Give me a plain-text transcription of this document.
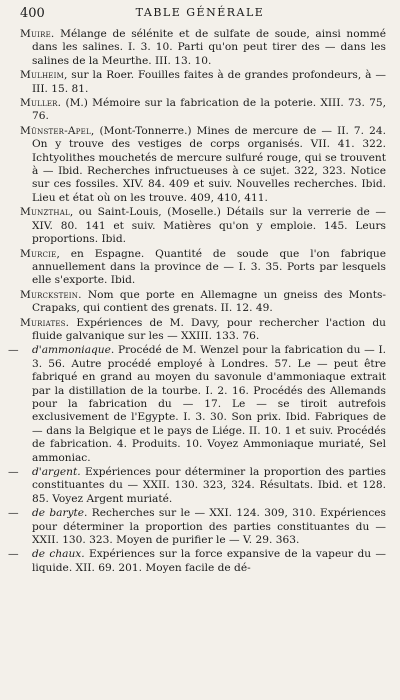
400	TABLE GÉNÉRALE

Muire. Mélange de sélénite et de sulfate de soude, ainsi nommé dans les salines. I. 3. 10. Parti qu'on peut tirer des — dans les salines de la Meurthe. III. 13. 10.

Mulheim, sur la Roer. Fouilles faites à de grandes profondeurs, à — III. 15. 81.

Muller. (M.) Mémoire sur la fabrication de la poterie. XIII. 73. 75, 76.

Münster-Apel, (Mont-Tonnerre.) Mines de mercure de — II. 7. 24. On y trouve des vestiges de corps organisés. VII. 41. 322. Ichtyolithes mouchetés de mercure sulfuré rouge, qui se trouvent à — Ibid. Recherches infructueuses à ce sujet. 322, 323. Notice sur ces fossiles. XIV. 84. 409 et suiv. Nouvelles recherches. Ibid. Lieu et état où on les trouve. 409, 410, 411.

Munzthal, ou Saint-Louis, (Moselle.) Détails sur la verrerie de — XIV. 80. 141 et suiv. Matières qu'on y emploie. 145. Leurs proportions. Ibid.

Murcie, en Espagne. Quantité de soude que l'on fabrique annuellement dans la province de — I. 3. 35. Ports par lesquels elle s'exporte. Ibid.

Murckstein. Nom que porte en Allemagne un gneiss des Monts-Crapaks, qui contient des grenats. II. 12. 49.

Muriates. Expériences de M. Davy, pour rechercher l'action du fluide galvanique sur les — XXIII. 133. 76.

— d'ammoniaque. Procédé de M. Wenzel pour la fabrication du — I. 3. 56. Autre procédé employé à Londres. 57. Le — peut être fabriqué en grand au moyen du savonule d'ammoniaque extrait par la distillation de la tourbe. I. 2. 16. Procédés des Allemands pour la fabrication du — 17. Le — se tiroit autrefois exclusivement de l'Egypte. I. 3. 30. Son prix. Ibid. Fabriques de — dans la Belgique et le pays de Liége. II. 10. 1 et suiv. Procédés de fabrication. 4. Produits. 10. Voyez Ammoniaque muriaté, Sel ammoniac.

— d'argent. Expériences pour déterminer la proportion des parties constituantes du — XXII. 130. 323, 324. Résultats. Ibid. et 128. 85. Voyez Argent muriaté.

— de baryte. Recherches sur le — XXI. 124. 309, 310. Expériences pour déterminer la proportion des parties constituantes du — XXII. 130. 323. Moyen de purifier le — V. 29. 363.

— de chaux. Expériences sur la force expansive de la vapeur du — liquide. XII. 69. 201. Moyen facile de dé-
